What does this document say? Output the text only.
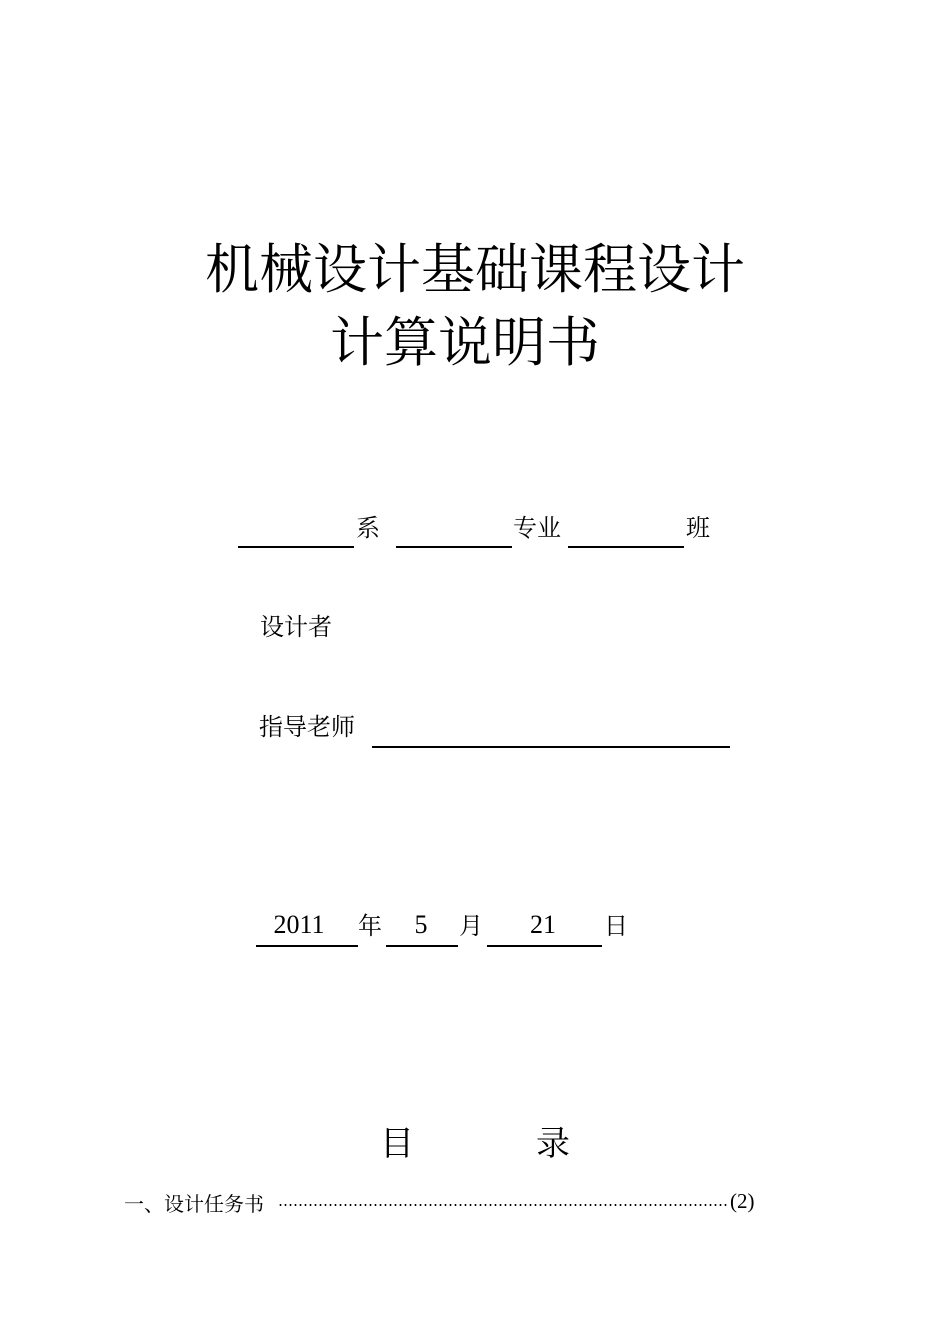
机械设计基础课程设计
计算说明书
系	专业	班
设计者
指导老师
2011	年	5	月	21	日
目	录
一、设计任务书	(2)
